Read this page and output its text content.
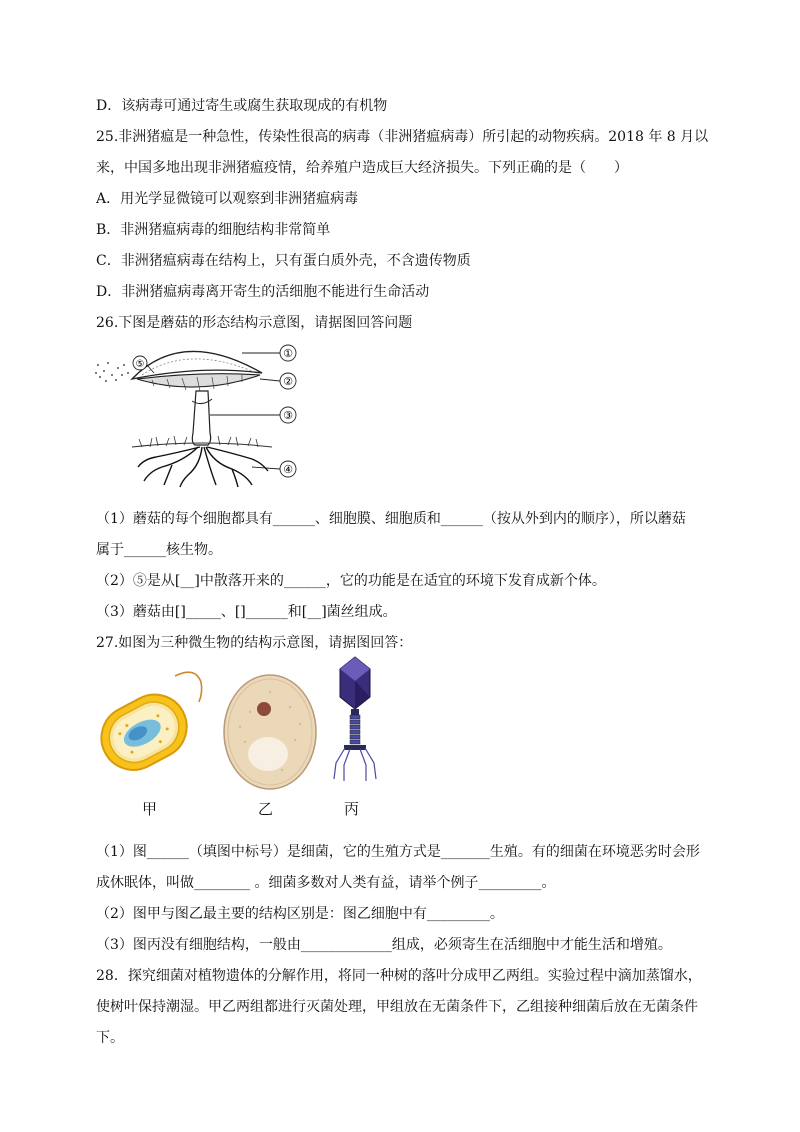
D．该病毒可通过寄生或腐生获取现成的有机物
25.非洲猪瘟是一种急性，传染性很高的病毒（非洲猪瘟病毒）所引起的动物疾病。2018 年 8 月以
来，中国多地出现非洲猪瘟疫情，给养殖户造成巨大经济损失。下列正确的是（　　）
A．用光学显微镜可以观察到非洲猪瘟病毒
B．非洲猪瘟病毒的细胞结构非常简单
C．非洲猪瘟病毒在结构上，只有蛋白质外壳，不含遗传物质
D．非洲猪瘟病毒离开寄生的活细胞不能进行生命活动
26.下图是蘑菇的形态结构示意图，请据图回答问题
⑤
①
②
③
④
（1）蘑菇的每个细胞都具有______、细胞膜、细胞质和______（按从外到内的顺序），所以蘑菇
属于______核生物。
（2）⑤是从[__]中散落开来的______，它的功能是在适宜的环境下发育成新个体。
（3）蘑菇由[]_____、[]______和[__]菌丝组成。
27.如图为三种微生物的结构示意图，请据图回答：
甲	乙	丙
（1）图______（填图中标号）是细菌，它的生殖方式是_______生殖。有的细菌在环境恶劣时会形
成休眠体，叫做________ 。细菌多数对人类有益，请举个例子_________。
（2）图甲与图乙最主要的结构区别是：图乙细胞中有_________。
（3）图丙没有细胞结构，一般由_____________组成，必须寄生在活细胞中才能生活和增殖。
28．探究细菌对植物遗体的分解作用，将同一种树的落叶分成甲乙两组。实验过程中滴加蒸馏水，
使树叶保持潮湿。甲乙两组都进行灭菌处理，甲组放在无菌条件下，乙组接种细菌后放在无菌条件
下。
